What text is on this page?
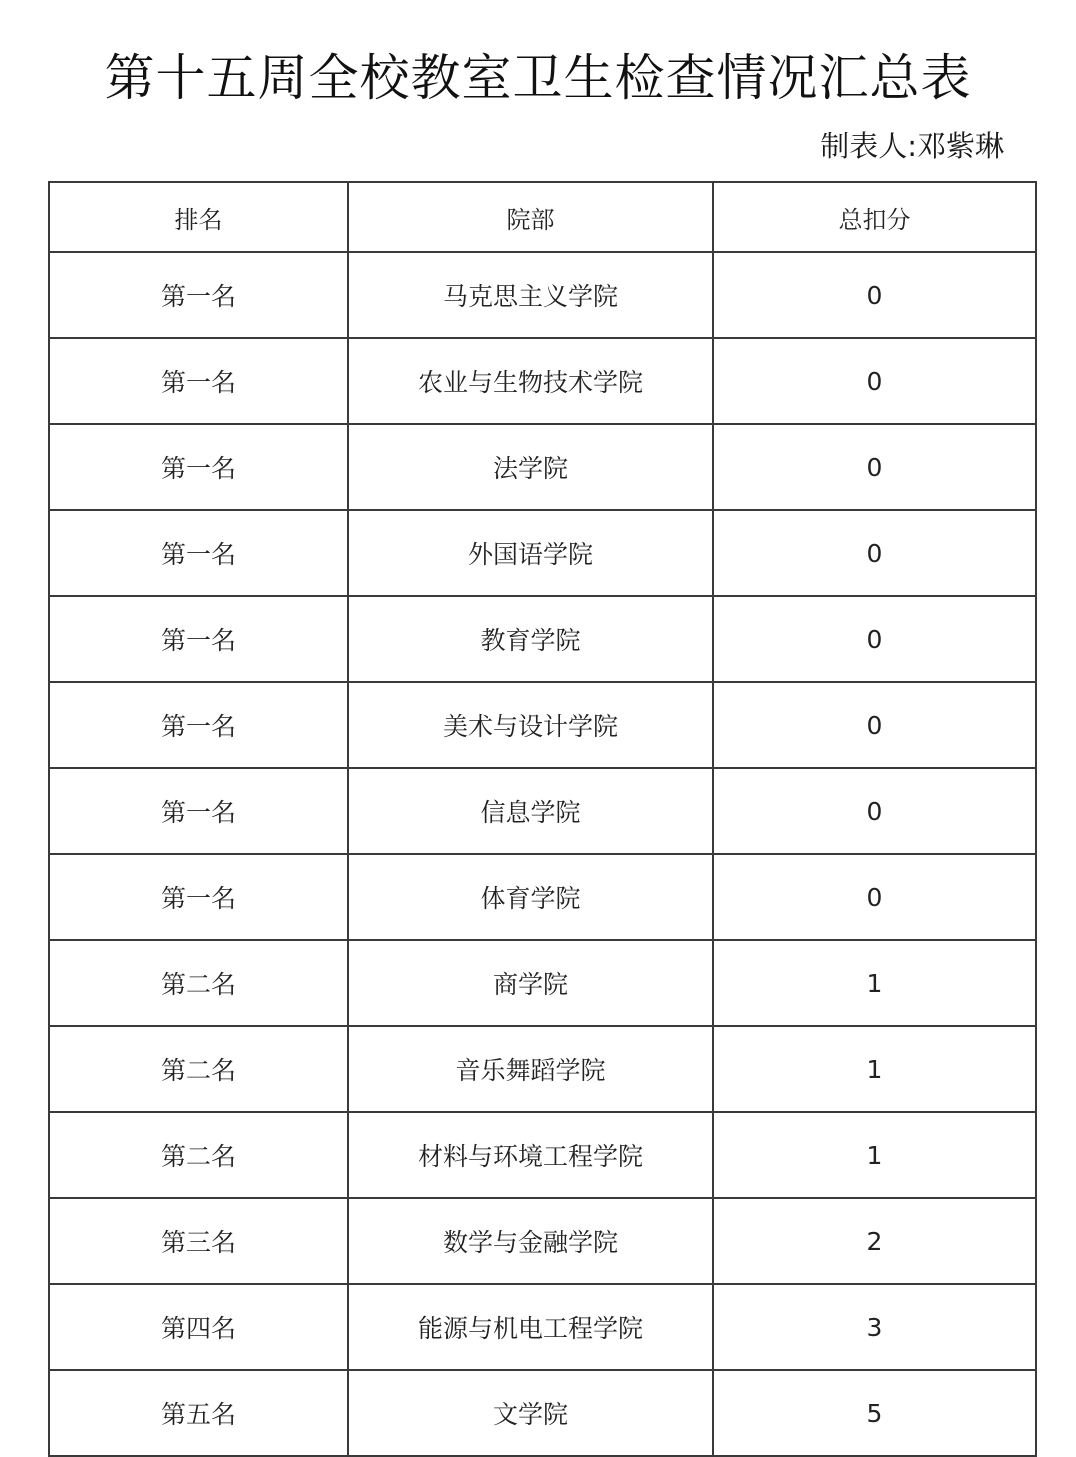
第十五周全校教室卫生检查情况汇总表
制表人:邓紫琳
排名	院部	总扣分
第一名	马克思主义学院	0
第一名	农业与生物技术学院	0
第一名	法学院	0
第一名	外国语学院	0
第一名	教育学院	0
第一名	美术与设计学院	0
第一名	信息学院	0
第一名	体育学院	0
第二名	商学院	1
第二名	音乐舞蹈学院	1
第二名	材料与环境工程学院	1
第三名	数学与金融学院	2
第四名	能源与机电工程学院	3
第五名	文学院	5
